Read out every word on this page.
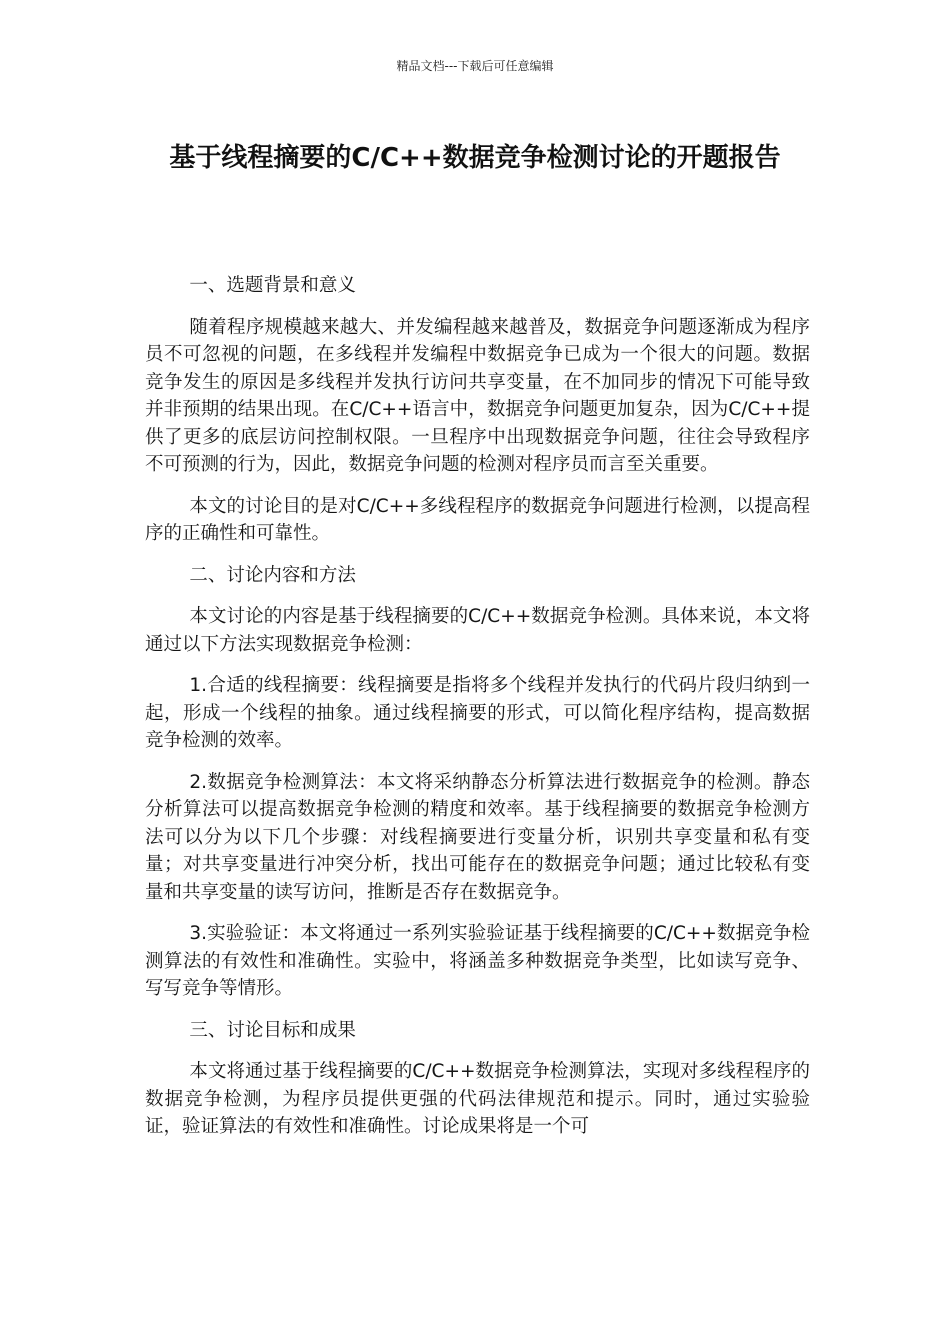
精品文档---下载后可任意编辑
基于线程摘要的C/C++数据竞争检测讨论的开题报告

一、选题背景和意义

随着程序规模越来越大、并发编程越来越普及，数据竞争问题逐渐成为程序员不可忽视的问题，在多线程并发编程中数据竞争已成为一个很大的问题。数据竞争发生的原因是多线程并发执行访问共享变量，在不加同步的情况下可能导致并非预期的结果出现。在C/C++语言中，数据竞争问题更加复杂，因为C/C++提供了更多的底层访问控制权限。一旦程序中出现数据竞争问题，往往会导致程序不可预测的行为，因此，数据竞争问题的检测对程序员而言至关重要。

本文的讨论目的是对C/C++多线程程序的数据竞争问题进行检测，以提高程序的正确性和可靠性。

二、讨论内容和方法

本文讨论的内容是基于线程摘要的C/C++数据竞争检测。具体来说，本文将通过以下方法实现数据竞争检测：

1.合适的线程摘要：线程摘要是指将多个线程并发执行的代码片段归纳到一起，形成一个线程的抽象。通过线程摘要的形式，可以简化程序结构，提高数据竞争检测的效率。

2.数据竞争检测算法：本文将采纳静态分析算法进行数据竞争的检测。静态分析算法可以提高数据竞争检测的精度和效率。基于线程摘要的数据竞争检测方法可以分为以下几个步骤：对线程摘要进行变量分析，识别共享变量和私有变量；对共享变量进行冲突分析，找出可能存在的数据竞争问题；通过比较私有变量和共享变量的读写访问，推断是否存在数据竞争。

3.实验验证：本文将通过一系列实验验证基于线程摘要的C/C++数据竞争检测算法的有效性和准确性。实验中，将涵盖多种数据竞争类型，比如读写竞争、写写竞争等情形。

三、讨论目标和成果

本文将通过基于线程摘要的C/C++数据竞争检测算法，实现对多线程程序的数据竞争检测，为程序员提供更强的代码法律规范和提示。同时，通过实验验证，验证算法的有效性和准确性。讨论成果将是一个可
